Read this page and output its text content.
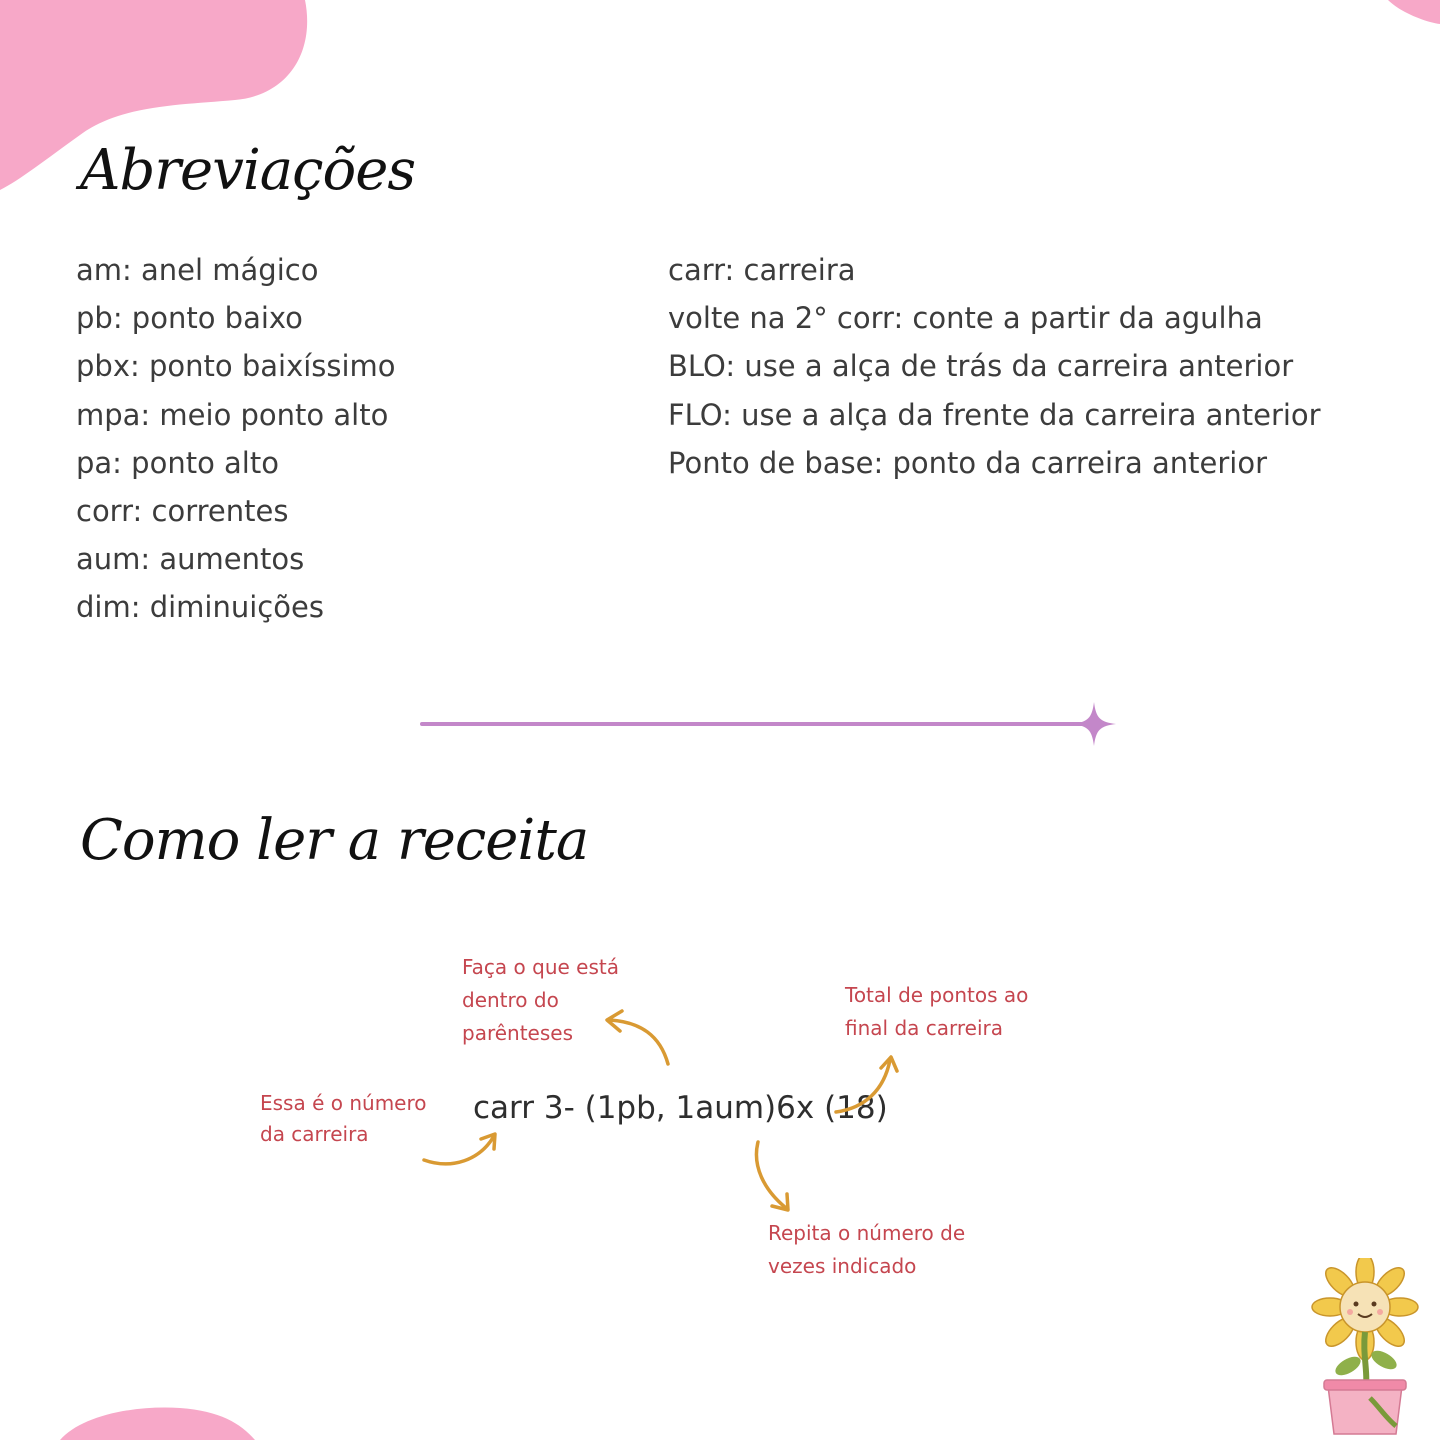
Abreviações
am: anel mágico
pb: ponto baixo
pbx: ponto baixíssimo
mpa: meio ponto alto
pa: ponto alto
corr: correntes
aum: aumentos
dim: diminuições
carr: carreira
volte na 2° corr: conte a partir da agulha
BLO: use a alça de trás da carreira anterior
FLO: use a alça da frente da carreira anterior
Ponto de base: ponto da carreira anterior
Como ler a receita
Faça o que está
dentro do
parênteses
Total de pontos ao
final da carreira
Essa é o número
da carreira
Repita o número de
vezes indicado

carr 3- (1pb, 1aum)6x (18)
